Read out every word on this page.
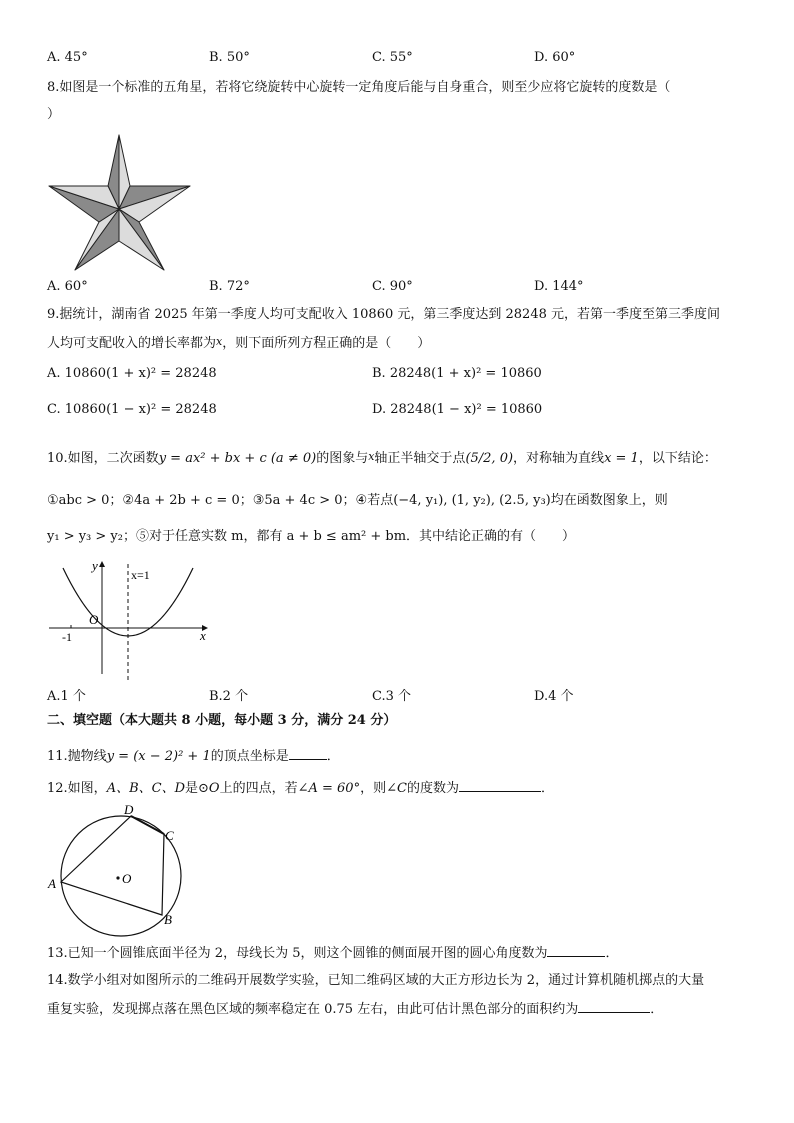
A. 45°	B. 50°	C. 55°	D. 60°
8.如图是一个标准的五角星，若将它绕旋转中心旋转一定角度后能与自身重合，则至少应将它旋转的度数是（
）
A. 60°	B. 72°	C. 90°	D. 144°
9.据统计，湖南省 2025 年第一季度人均可支配收入 10860 元，第三季度达到 28248 元，若第一季度至第三季度间
人均可支配收入的增长率都为x，则下面所列方程正确的是（　　）
A. 10860(1 + x)² = 28248	B. 28248(1 + x)² = 10860
C. 10860(1 − x)² = 28248	D. 28248(1 − x)² = 10860
10.如图，二次函数y = ax² + bx + c (a ≠ 0)的图象与x轴正半轴交于点(5/2, 0)，对称轴为直线x = 1，以下结论：
①abc > 0；②4a + 2b + c = 0；③5a + 4c > 0；④若点(−4, y₁), (1, y₂), (2.5, y₃)均在函数图象上，则
y₁ > y₃ > y₂；⑤对于任意实数 m，都有 a + b ≤ am² + bm．其中结论正确的有（　　）
y
x
O
-1
x=1
A.1 个	B.2 个	C.3 个	D.4 个
二、填空题（本大题共 8 小题，每小题 3 分，满分 24 分）
11.抛物线y = (x − 2)² + 1的顶点坐标是	．
12.如图，A、B、C、D是⊙O上的四点，若∠A = 60°，则∠C的度数为	．
A
B
C
D
O
13.已知一个圆锥底面半径为 2，母线长为 5，则这个圆锥的侧面展开图的圆心角度数为	．
14.数学小组对如图所示的二维码开展数学实验，已知二维码区域的大正方形边长为 2，通过计算机随机掷点的大量
重复实验，发现掷点落在黑色区域的频率稳定在 0.75 左右，由此可估计黑色部分的面积约为	．
